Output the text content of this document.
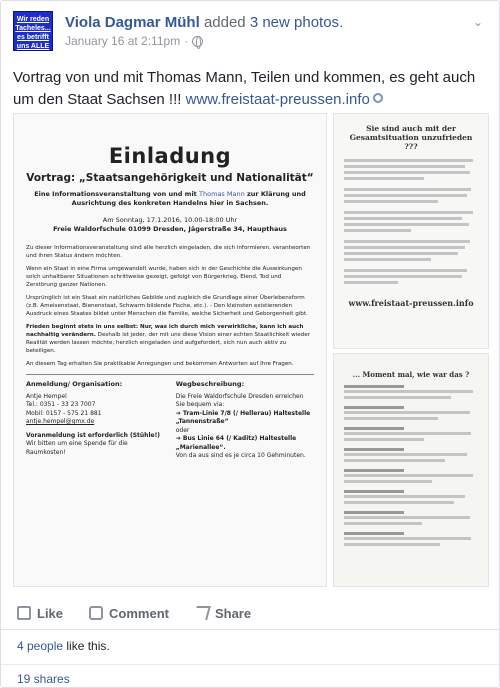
Wir reden
Tacheles...
es betrifft
uns ALLE
Viola Dagmar Mühl added 3 new photos.
January 16 at 2:11pm ·
⌄
Vortrag von und mit Thomas Mann, Teilen und kommen, es geht auch um den Staat Sachsen !!! www.freistaat-preussen.info
Einladung
Vortrag: „Staatsangehörigkeit und Nationalität“
Eine Informationsveranstaltung von und mit Thomas Mann zur Klärung und Ausrichtung des konkreten Handelns hier in Sachsen.
Am Sonntag, 17.1.2016, 10.00-18:00 Uhr
Freie Waldorfschule 01099 Dresden, Jägerstraße 34, Haupthaus

Zu dieser Informationsveranstaltung sind alle herzlich eingeladen, die sich informieren, verantworten und ihren Status ändern möchten.

Wenn ein Staat in eine Firma umgewandelt wurde, haben sich in der Geschichte die Auswirkungen solch unhaltbarer Situationen schrittweise gezeigt, gefolgt von Bürgerkrieg, Elend, Tod und Zerstörung ganzer Nationen.

Ursprünglich ist ein Staat ein natürliches Gebilde und zugleich die Grundlage einer Überlebensform (z.B. Ameisenstaat, Bienenstaat, Schwarm bildende Fische, etc.). - Den kleinsten existierenden Ausdruck eines Staates bildet unter Menschen die Familie, welche Sicherheit und Geborgenheit gibt.

Frieden beginnt stets in uns selbst: Nur, was ich durch mich verwirkliche, kann ich auch nachhaltig verändern. Deshalb ist jeder, der mit uns diese Vision einer echten Staatlichkeit wieder Realität werden lassen möchte, herzlich eingeladen und aufgefordert, sich nun auch aktiv zu beteiligen.

An diesem Tag erhalten Sie praktikable Anregungen und bekommen Antworten auf Ihre Fragen.

Anmeldung/ Organisation:
Antje Hempel
Tel.: 0351 - 33 23 7007
Mobil: 0157 - 575 21 881
antje.hempel@gmx.de
Voranmeldung ist erforderlich (Stühle!)
Wir bitten um eine Spende für die Raumkosten!
Wegbeschreibung:
Die Freie Waldorfschule Dresden erreichen Sie bequem via:
➔ Tram-Linie 7/8 (/ Hellerau) Haltestelle „Tannenstraße“
oder
➔ Bus Linie 64 (/ Kaditz) Haltestelle „Marienallee“.
Von da aus sind es je circa 10 Gehminuten.
Sie sind auch mit der Gesamtsituation unzufrieden ???
www.freistaat-preussen.info
... Moment mal, wie war das ?
Like	Comment	Share
4 people like this.
19 shares
